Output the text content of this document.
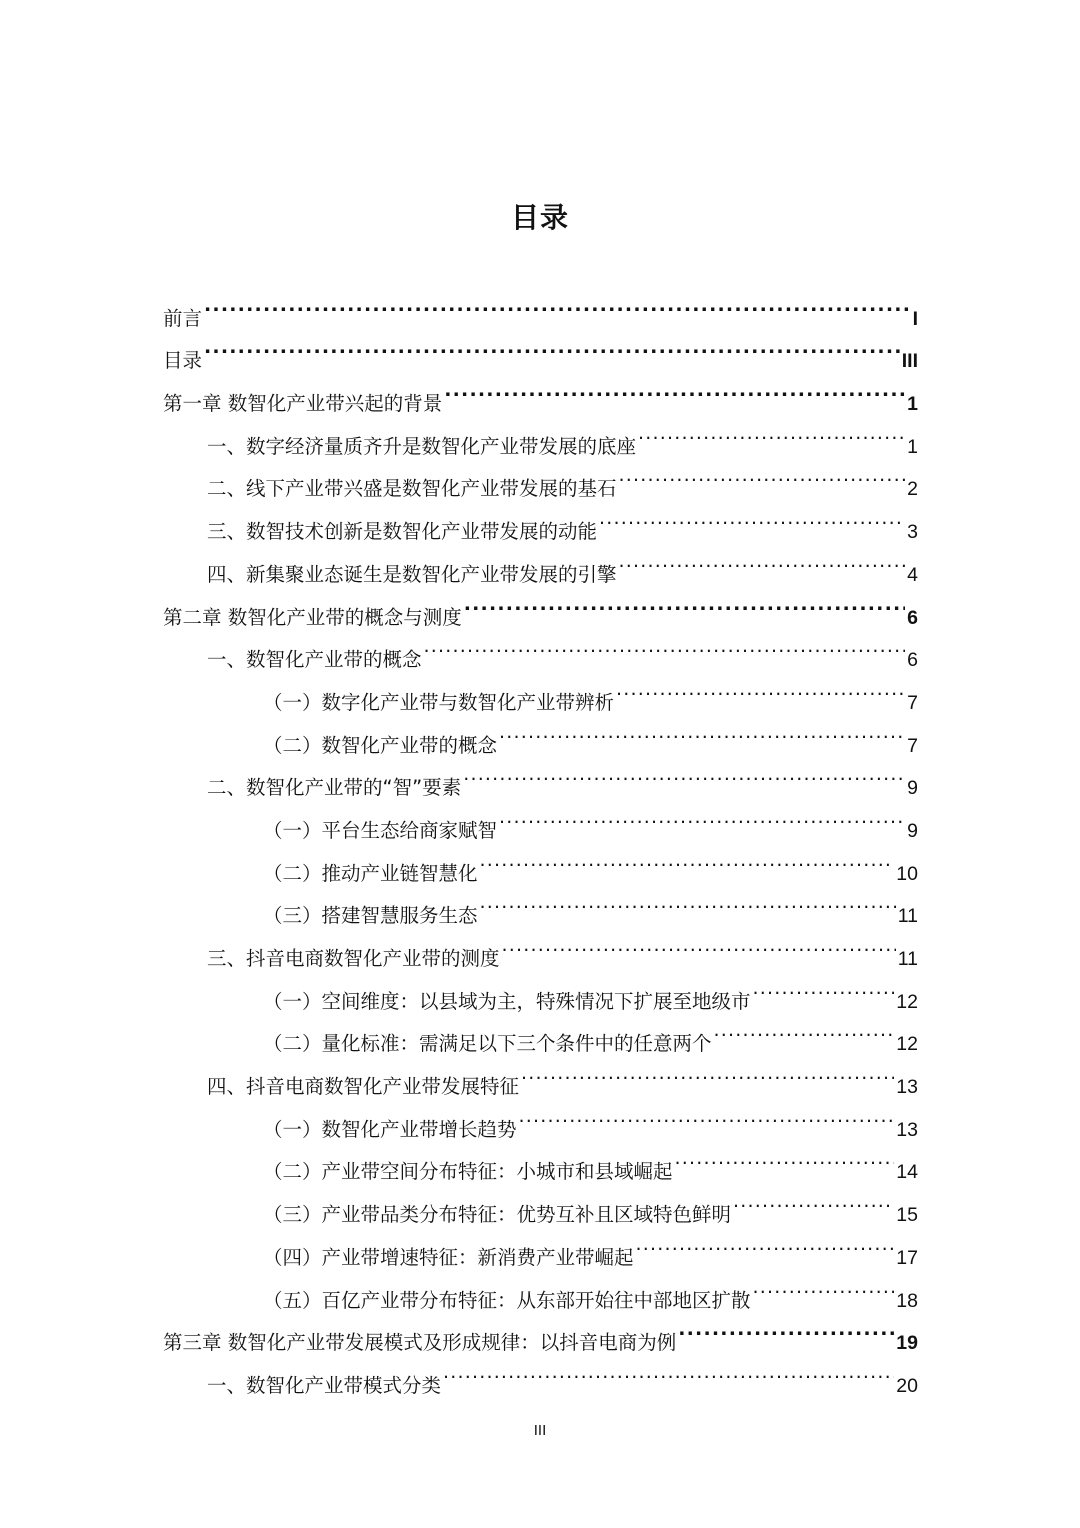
目录
前言 .....	I
目录 .....	III
第一章 数智化产业带兴起的背景 .....	1
一、数字经济量质齐升是数智化产业带发展的底座 .....	1
二、线下产业带兴盛是数智化产业带发展的基石 .....	2
三、数智技术创新是数智化产业带发展的动能 .....	3
四、新集聚业态诞生是数智化产业带发展的引擎 .....	4
第二章 数智化产业带的概念与测度 .....	6
一、数智化产业带的概念 .....	6
（一）数字化产业带与数智化产业带辨析 .....	7
（二）数智化产业带的概念 .....	7
二、数智化产业带的“智”要素 .....	9
（一）平台生态给商家赋智 .....	9
（二）推动产业链智慧化 .....	10
（三）搭建智慧服务生态 .....	11
三、抖音电商数智化产业带的测度 .....	11
（一）空间维度：以县域为主，特殊情况下扩展至地级市 .....	12
（二）量化标准：需满足以下三个条件中的任意两个 .....	12
四、抖音电商数智化产业带发展特征 .....	13
（一）数智化产业带增长趋势 .....	13
（二）产业带空间分布特征：小城市和县域崛起 .....	14
（三）产业带品类分布特征：优势互补且区域特色鲜明 .....	15
（四）产业带增速特征：新消费产业带崛起 .....	17
（五）百亿产业带分布特征：从东部开始往中部地区扩散 .....	18
第三章 数智化产业带发展模式及形成规律：以抖音电商为例 .....	19
一、数智化产业带模式分类 .....	20
III
